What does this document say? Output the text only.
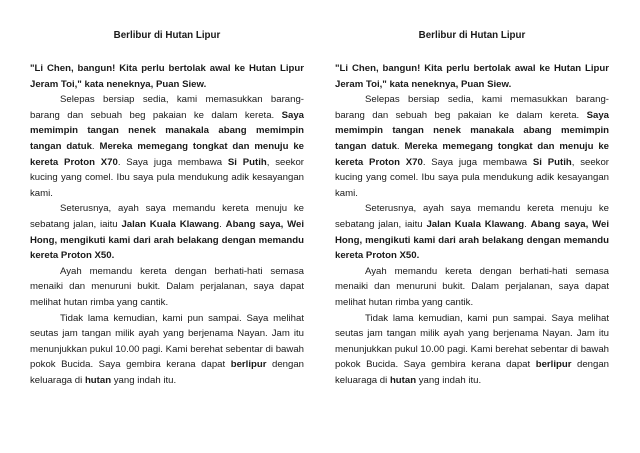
Berlibur di Hutan Lipur

"Li Chen, bangun! Kita perlu bertolak awal ke Hutan Lipur Jeram Toi," kata neneknya, Puan Siew.

Selepas bersiap sedia, kami memasukkan barang-barang dan sebuah beg pakaian ke dalam kereta. Saya memimpin tangan nenek manakala abang memimpin tangan datuk. Mereka memegang tongkat dan menuju ke kereta Proton X70. Saya juga membawa Si Putih, seekor kucing yang comel. Ibu saya pula mendukung adik kesayangan kami.

Seterusnya, ayah saya memandu kereta menuju ke sebatang jalan, iaitu Jalan Kuala Klawang. Abang saya, Wei Hong, mengikuti kami dari arah belakang dengan memandu kereta Proton X50.

Ayah memandu kereta dengan berhati-hati semasa menaiki dan menuruni bukit. Dalam perjalanan, saya dapat melihat hutan rimba yang cantik.

Tidak lama kemudian, kami pun sampai. Saya melihat seutas jam tangan milik ayah yang berjenama Nayan. Jam itu menunjukkan pukul 10.00 pagi. Kami berehat sebentar di bawah pokok Bucida. Saya gembira kerana dapat berlipur dengan keluaraga di hutan yang indah itu.

Berlibur di Hutan Lipur

"Li Chen, bangun! Kita perlu bertolak awal ke Hutan Lipur Jeram Toi," kata neneknya, Puan Siew.

Selepas bersiap sedia, kami memasukkan barang-barang dan sebuah beg pakaian ke dalam kereta. Saya memimpin tangan nenek manakala abang memimpin tangan datuk. Mereka memegang tongkat dan menuju ke kereta Proton X70. Saya juga membawa Si Putih, seekor kucing yang comel. Ibu saya pula mendukung adik kesayangan kami.

Seterusnya, ayah saya memandu kereta menuju ke sebatang jalan, iaitu Jalan Kuala Klawang. Abang saya, Wei Hong, mengikuti kami dari arah belakang dengan memandu kereta Proton X50.

Ayah memandu kereta dengan berhati-hati semasa menaiki dan menuruni bukit. Dalam perjalanan, saya dapat melihat hutan rimba yang cantik.

Tidak lama kemudian, kami pun sampai. Saya melihat seutas jam tangan milik ayah yang berjenama Nayan. Jam itu menunjukkan pukul 10.00 pagi. Kami berehat sebentar di bawah pokok Bucida. Saya gembira kerana dapat berlipur dengan keluaraga di hutan yang indah itu.
